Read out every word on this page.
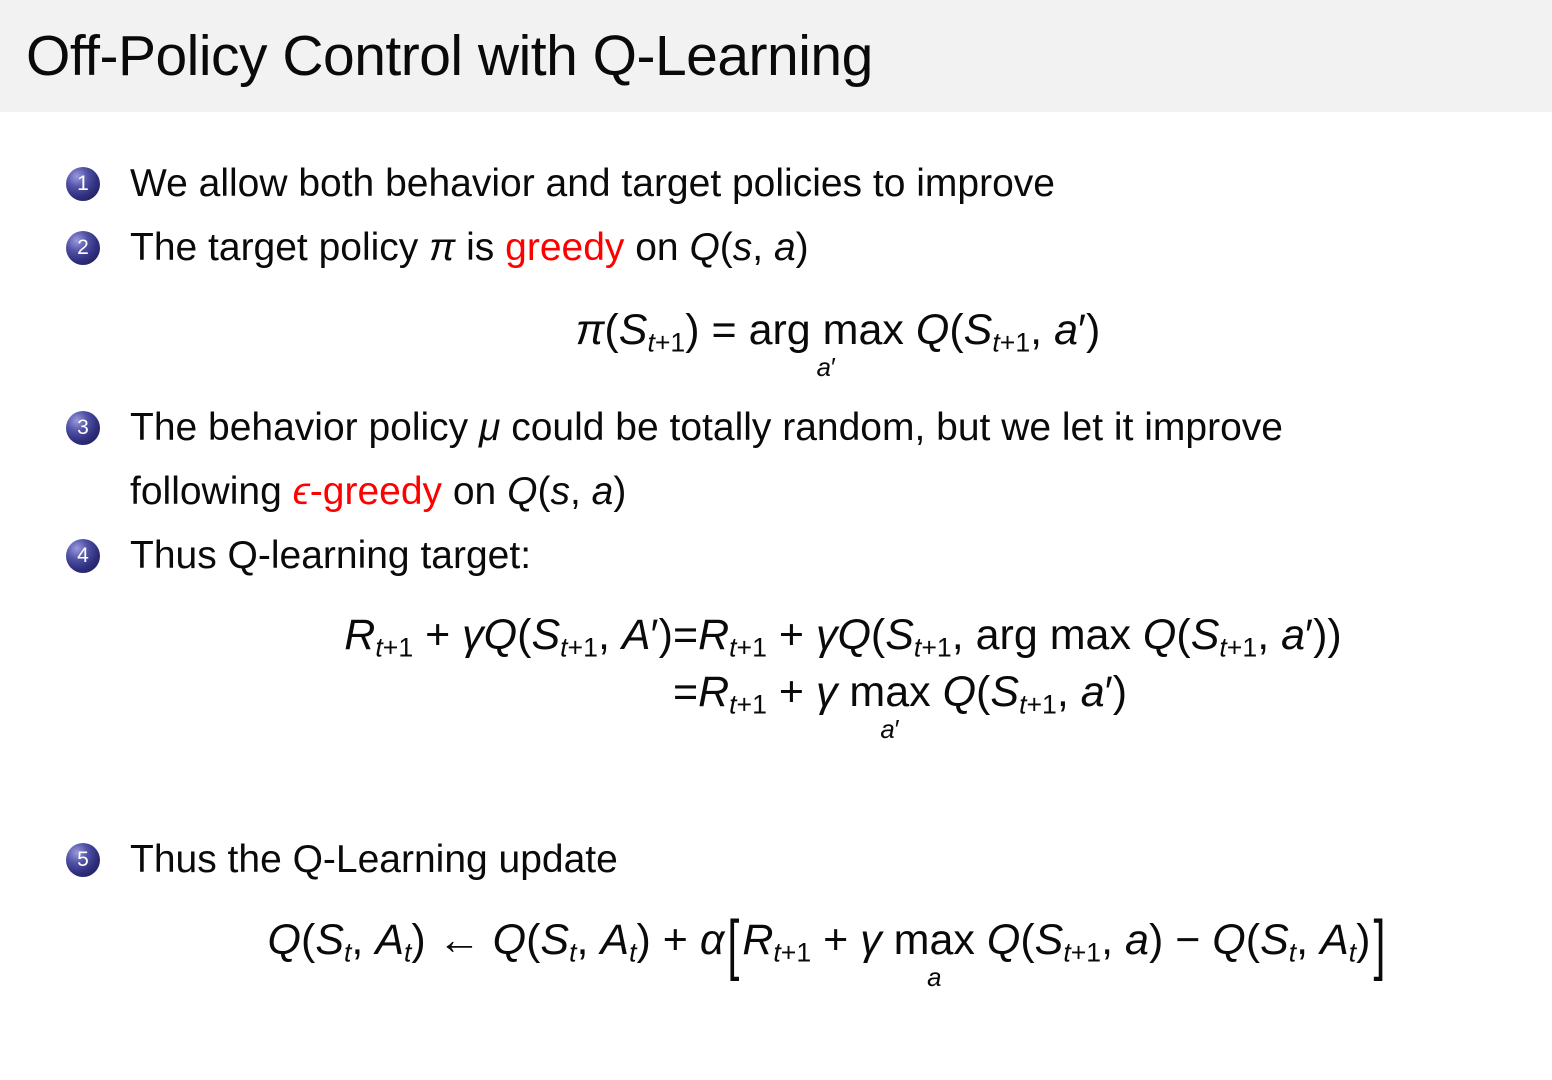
Off-Policy Control with Q-Learning
1 We allow both behavior and target policies to improve
2 The target policy π is greedy on Q(s, a)
π(St+1) = arg max
a′
Q(St+1, a′)
3 The behavior policy μ could be totally random, but we let it improve
following ϵ-greedy on Q(s, a)
4 Thus Q-learning target:
Rt+1 + γQ(St+1, A′) =Rt+1 + γQ(St+1, arg max Q(St+1, a′))
=Rt+1 + γ max
a′
Q(St+1, a′)
5 Thus the Q-Learning update
Q(St, At) ← Q(St, At) + α[Rt+1 + γ max
a
Q(St+1, a) − Q(St, At)]
